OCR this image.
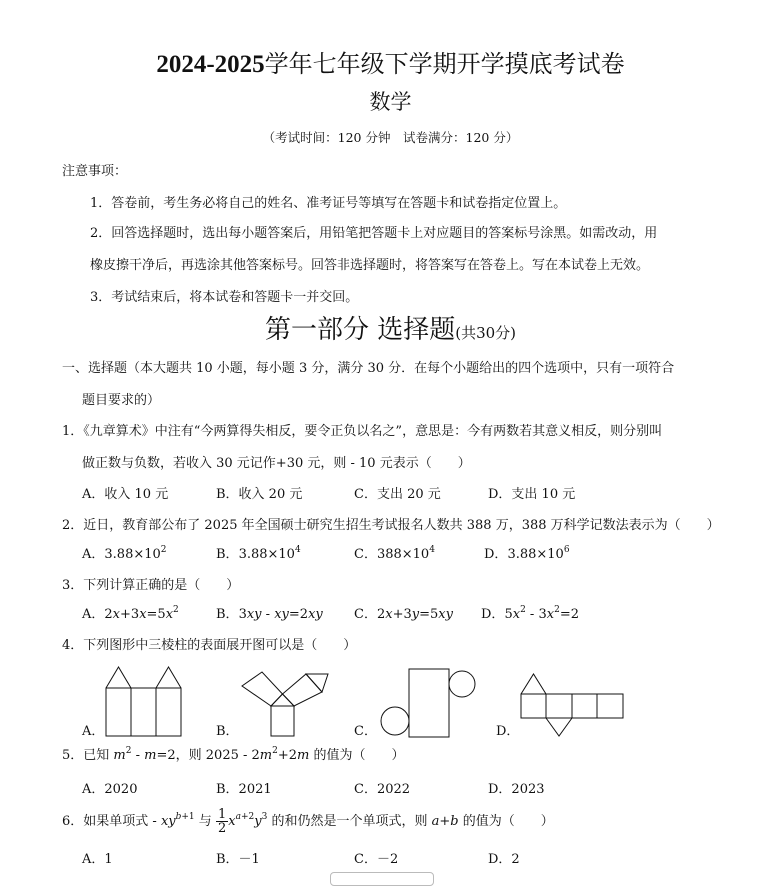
2024-2025学年七年级下学期开学摸底考试卷
数学
（考试时间：120 分钟　试卷满分：120 分）
注意事项：
1．答卷前，考生务必将自己的姓名、准考证号等填写在答题卡和试卷指定位置上。
2．回答选择题时，选出每小题答案后，用铅笔把答题卡上对应题目的答案标号涂黑。如需改动，用
橡皮擦干净后，再选涂其他答案标号。回答非选择题时，将答案写在答卷上。写在本试卷上无效。
3．考试结束后，将本试卷和答题卡一并交回。
第一部分 选择题(共30分)
一、选择题（本大题共 10 小题，每小题 3 分，满分 30 分．在每个小题给出的四个选项中，只有一项符合
题目要求的）
1．《九章算术》中注有“今两算得失相反，要令正负以名之”，意思是：今有两数若其意义相反，则分别叫
做正数与负数，若收入 30 元记作+30 元，则 - 10 元表示（　　）
A．收入 10 元	B．收入 20 元	C．支出 20 元	D．支出 10 元
2．近日，教育部公布了 2025 年全国硕士研究生招生考试报名人数共 388 万，388 万科学记数法表示为（　　）
A．$3.88\times 10^2$	B．$3.88\times 10^4$	C．$388\times 10^4$	D．$3.88\times 10^6$
3．下列计算正确的是（　　）
A．$2x+3x=5x^2$	B．3xy - xy=2xy C．2x+3y=5xy D．$5x^2 - 3x^2=2$
4．下列图形中三棱柱的表面展开图可以是（　　）
A．	B．	C．	D．
5．已知 $m^2 - m=2$，则 $2025 - 2m^2+2m$ 的值为（　　）
A．2020	B．2021	C．2022	D．2023
6．如果单项式 - $xy^{b+1}$ 与 $\frac{1}{2} x^{a+2}y^3$ 的和仍然是一个单项式，则 a+b 的值为（　　）
A．1	B．－1	C．－2	D．2
